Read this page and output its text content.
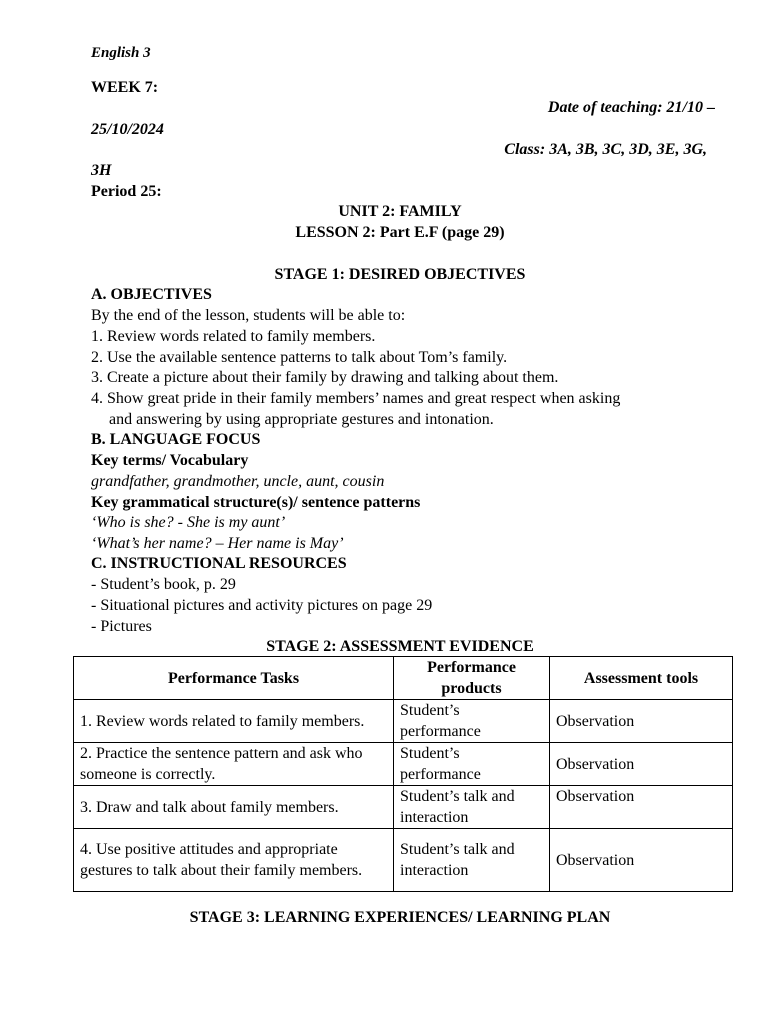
English 3
WEEK 7:
Date of teaching: 21/10 –
25/10/2024
Class: 3A, 3B, 3C, 3D, 3E, 3G,
3H
Period 25:
UNIT 2: FAMILY
LESSON 2: Part E.F (page 29)
STAGE 1: DESIRED OBJECTIVES
A. OBJECTIVES
By the end of the lesson, students will be able to:
1. Review words related to family members.
2. Use the available sentence patterns to talk about Tom’s family.
3. Create a picture about their family by drawing and talking about them.
4. Show great pride in their family members’ names and great respect when asking
and answering by using appropriate gestures and intonation.
B. LANGUAGE FOCUS
Key terms/ Vocabulary
grandfather, grandmother, uncle, aunt, cousin
Key grammatical structure(s)/ sentence patterns
‘Who is she? - She is my aunt’
‘What’s her name? – Her name is May’
C. INSTRUCTIONAL RESOURCES
- Student’s book, p. 29
- Situational pictures and activity pictures on page 29
- Pictures
STAGE 2: ASSESSMENT EVIDENCE
Performance Tasks	Performance products	Assessment tools
1. Review words related to family members.	Student’s performance	Observation
2. Practice the sentence pattern and ask who someone is correctly.	Student’s performance	Observation
3. Draw and talk about family members.	Student’s talk and interaction	Observation
4. Use positive attitudes and appropriate gestures to talk about their family members.	Student’s talk and interaction	Observation
STAGE 3: LEARNING EXPERIENCES/ LEARNING PLAN
